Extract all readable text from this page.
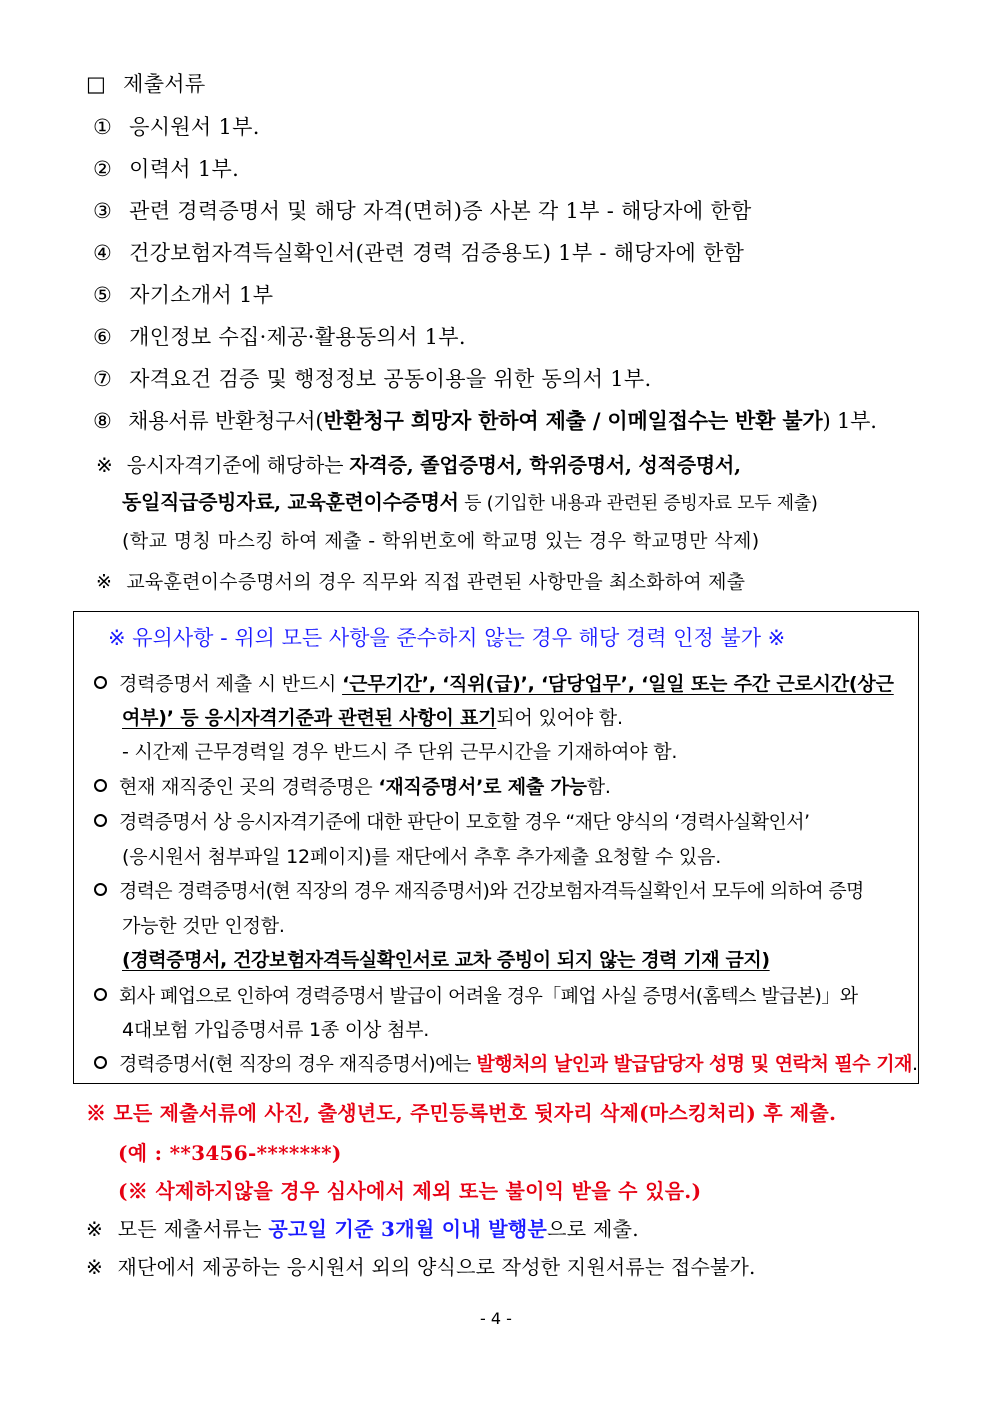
□ 제출서류
① 응시원서 1부.
② 이력서 1부.
③ 관련 경력증명서 및 해당 자격(면허)증 사본 각 1부 - 해당자에 한함
④ 건강보험자격득실확인서(관련 경력 검증용도) 1부 - 해당자에 한함
⑤ 자기소개서 1부
⑥ 개인정보 수집·제공·활용동의서 1부.
⑦ 자격요건 검증 및 행정정보 공동이용을 위한 동의서 1부.
⑧ 채용서류 반환청구서(반환청구 희망자 한하여 제출 / 이메일접수는 반환 불가) 1부.
※ 응시자격기준에 해당하는 자격증, 졸업증명서, 학위증명서, 성적증명서,
동일직급증빙자료, 교육훈련이수증명서 등 (기입한 내용과 관련된 증빙자료 모두 제출)
(학교 명칭 마스킹 하여 제출 - 학위번호에 학교명 있는 경우 학교명만 삭제)
※ 교육훈련이수증명서의 경우 직무와 직접 관련된 사항만을 최소화하여 제출
※ 유의사항 - 위의 모든 사항을 준수하지 않는 경우 해당 경력 인정 불가 ※
경력증명서 제출 시 반드시 ‘근무기간’, ‘직위(급)’, ‘담당업무’, ‘일일 또는 주간 근로시간(상근
여부)’ 등 응시자격기준과 관련된 사항이 표기되어 있어야 함.
- 시간제 근무경력일 경우 반드시 주 단위 근무시간을 기재하여야 함.
현재 재직중인 곳의 경력증명은 ‘재직증명서’로 제출 가능함.
경력증명서 상 응시자격기준에 대한 판단이 모호할 경우 “재단 양식의 ‘경력사실확인서’
(응시원서 첨부파일 12페이지)를 재단에서 추후 추가제출 요청할 수 있음.
경력은 경력증명서(현 직장의 경우 재직증명서)와 건강보험자격득실확인서 모두에 의하여 증명
가능한 것만 인정함.
(경력증명서, 건강보험자격득실확인서로 교차 증빙이 되지 않는 경력 기재 금지)
회사 폐업으로 인하여 경력증명서 발급이 어려울 경우「폐업 사실 증명서(홈텍스 발급본)」와
4대보험 가입증명서류 1종 이상 첨부.
경력증명서(현 직장의 경우 재직증명서)에는 발행처의 날인과 발급담당자 성명 및 연락처 필수 기재.
※ 모든 제출서류에 사진, 출생년도, 주민등록번호 뒷자리 삭제(마스킹처리) 후 제출.
(예 : **3456-*******)
(※ 삭제하지않을 경우 심사에서 제외 또는 불이익 받을 수 있음.)
※ 모든 제출서류는 공고일 기준 3개월 이내 발행분으로 제출.
※ 재단에서 제공하는 응시원서 외의 양식으로 작성한 지원서류는 접수불가.
- 4 -
